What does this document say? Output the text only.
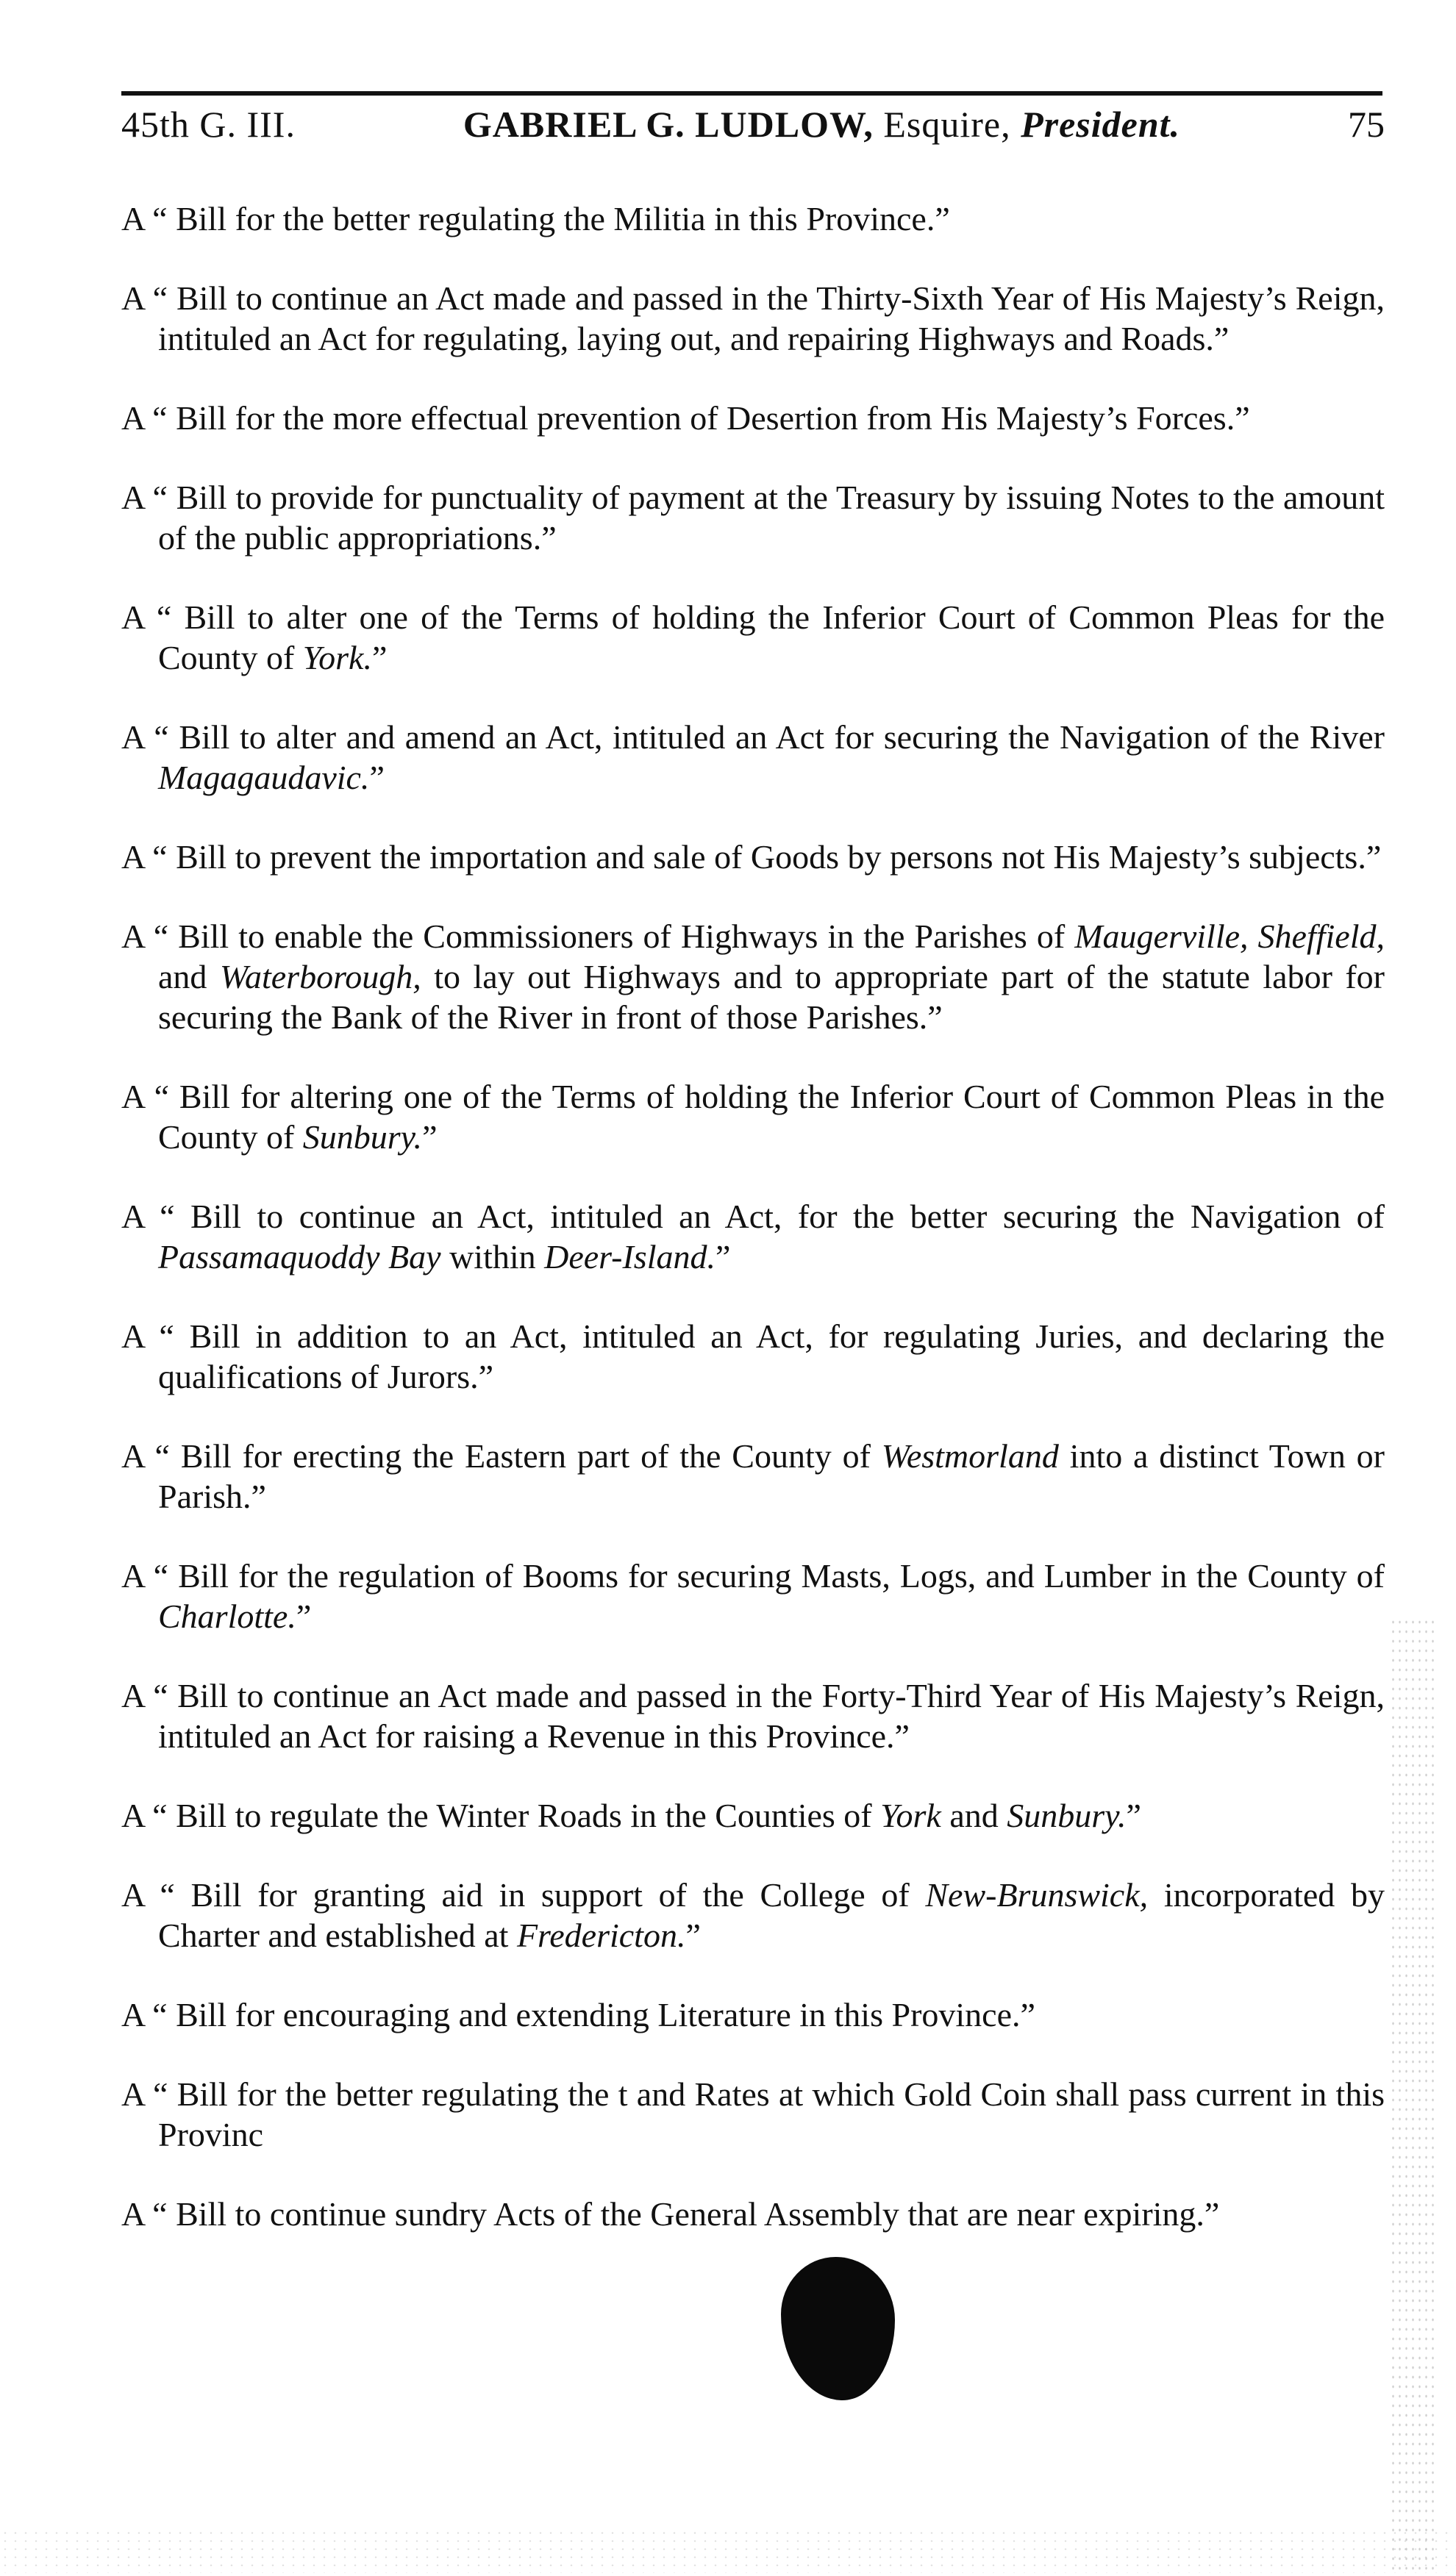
45th G. III.	GABRIEL G. LUDLOW, Esquire, President.	75
A “ Bill for the better regulating the Militia in this Province.”
A “ Bill to continue an Act made and passed in the Thirty-Sixth Year of His Majesty’s Reign, intituled an Act for regulating, laying out, and repairing Highways and Roads.”
A “ Bill for the more effectual prevention of Desertion from His Majesty’s Forces.”
A “ Bill to provide for punctuality of payment at the Treasury by issuing Notes to the amount of the public appropriations.”
A “ Bill to alter one of the Terms of holding the Inferior Court of Common Pleas for the County of York.”
A “ Bill to alter and amend an Act, intituled an Act for securing the Navigation of the River Magagaudavic.”
A “ Bill to prevent the importation and sale of Goods by persons not His Majesty’s subjects.”
A “ Bill to enable the Commissioners of Highways in the Parishes of Maugerville, Sheffield, and Waterborough, to lay out Highways and to appropriate part of the statute labor for securing the Bank of the River in front of those Parishes.”
A “ Bill for altering one of the Terms of holding the Inferior Court of Common Pleas in the County of Sunbury.”
A “ Bill to continue an Act, intituled an Act, for the better securing the Navigation of Passamaquoddy Bay within Deer-Island.”
A “ Bill in addition to an Act, intituled an Act, for regulating Juries, and declaring the qualifications of Jurors.”
A “ Bill for erecting the Eastern part of the County of Westmorland into a distinct Town or Parish.”
A “ Bill for the regulation of Booms for securing Masts, Logs, and Lumber in the County of Charlotte.”
A “ Bill to continue an Act made and passed in the Forty-Third Year of His Majesty’s Reign, intituled an Act for raising a Revenue in this Province.”
A “ Bill to regulate the Winter Roads in the Counties of York and Sunbury.”
A “ Bill for granting aid in support of the College of New-Brunswick, incorporated by Charter and established at Fredericton.”
A “ Bill for encouraging and extending Literature in this Province.”
A “ Bill for the better regulating the t and Rates at which Gold Coin shall pass current in this Provinc
A “ Bill to continue sundry Acts of the General Assembly that are near expiring.”
